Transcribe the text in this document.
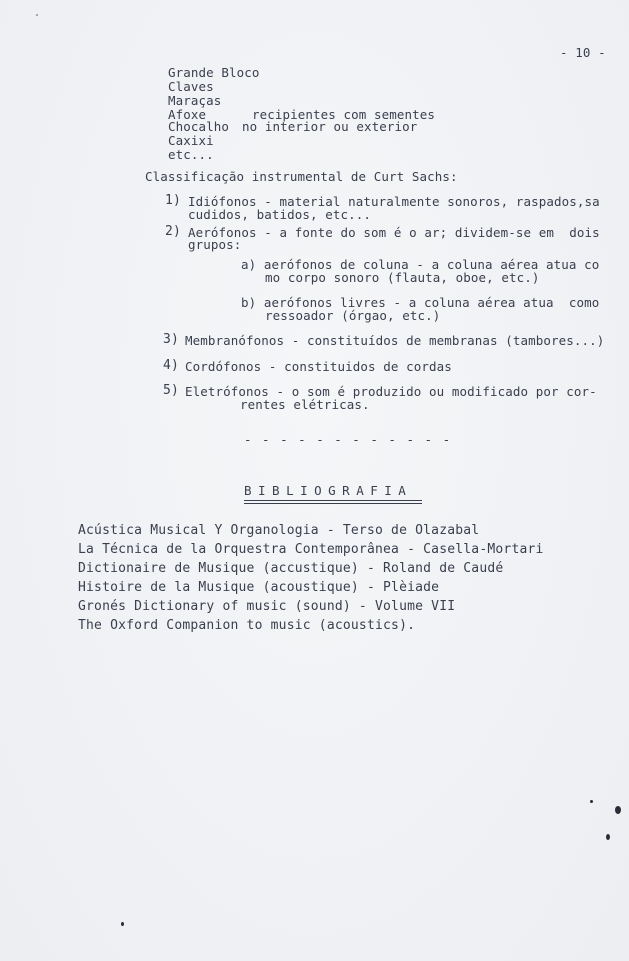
- 10 -
Grande Bloco
Claves
Maraças
Afoxe
Chocalho
Caxixi
etc...
recipientes com sementes
no interior ou exterior
Classificação instrumental de Curt Sachs:
1) Idiófonos - material naturalmente sonoros, raspados,sa
cudidos, batidos, etc...
2) Aerófonos - a fonte do som é o ar; dividem-se em  dois
grupos:
a) aerófonos de coluna - a coluna aérea atua co
mo corpo sonoro (flauta, oboe, etc.)
b) aerófonos livres - a coluna aérea atua  como
ressoador (órgao, etc.)
3) Membranófonos - constituídos de membranas (tambores...)
4) Cordófonos - constituidos de cordas
5) Eletrófonos - o som é produzido ou modificado por cor-
rentes elétricas.
- - - - - - - - - - - -
BIBLIOGRAFIA
Acústica Musical Y Organologia - Terso de Olazabal
La Técnica de la Orquestra Contemporânea - Casella-Mortari
Dictionaire de Musique (accustique) - Roland de Caudé
Histoire de la Musique (acoustique) - Plèiade
Gronés Dictionary of music (sound) - Volume VII
The Oxford Companion to music (acoustics).
